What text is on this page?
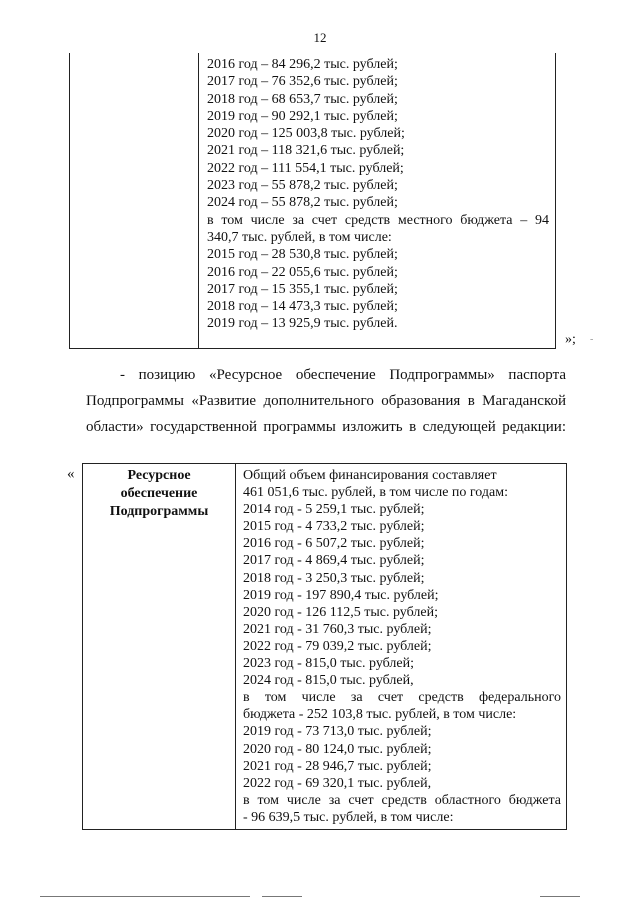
12
2016 год – 84 296,2 тыс. рублей;
2017 год – 76 352,6 тыс. рублей;
2018 год – 68 653,7 тыс. рублей;
2019 год – 90 292,1 тыс. рублей;
2020 год – 125 003,8 тыс. рублей;
2021 год – 118 321,6 тыс. рублей;
2022 год – 111 554,1 тыс. рублей;
2023 год – 55 878,2 тыс. рублей;
2024 год – 55 878,2 тыс. рублей;
в том числе за счет средств местного бюджета – 94
340,7 тыс. рублей, в том числе:
2015 год – 28 530,8 тыс. рублей;
2016 год – 22 055,6 тыс. рублей;
2017 год – 15 355,1 тыс. рублей;
2018 год – 14 473,3 тыс. рублей;
2019 год – 13 925,9 тыс. рублей.
»; -
- позицию «Ресурсное обеспечение Подпрограммы» паспорта
Подпрограммы «Развитие дополнительного образования в Магаданской
области» государственной программы изложить в следующей редакции:
«	Ресурсное
обеспечение
Подпрограммы
Общий объем финансирования составляет
461 051,6 тыс. рублей, в том числе по годам:
2014 год - 5 259,1 тыс. рублей;
2015 год - 4 733,2 тыс. рублей;
2016 год - 6 507,2 тыс. рублей;
2017 год - 4 869,4 тыс. рублей;
2018 год - 3 250,3 тыс. рублей;
2019 год - 197 890,4 тыс. рублей;
2020 год - 126 112,5 тыс. рублей;
2021 год - 31 760,3 тыс. рублей;
2022 год - 79 039,2 тыс. рублей;
2023 год - 815,0 тыс. рублей;
2024 год - 815,0 тыс. рублей,
в том числе за счет средств федерального
бюджета - 252 103,8 тыс. рублей, в том числе:
2019 год - 73 713,0 тыс. рублей;
2020 год - 80 124,0 тыс. рублей;
2021 год - 28 946,7 тыс. рублей;
2022 год - 69 320,1 тыс. рублей,
в том числе за счет средств областного бюджета
- 96 639,5 тыс. рублей, в том числе:
